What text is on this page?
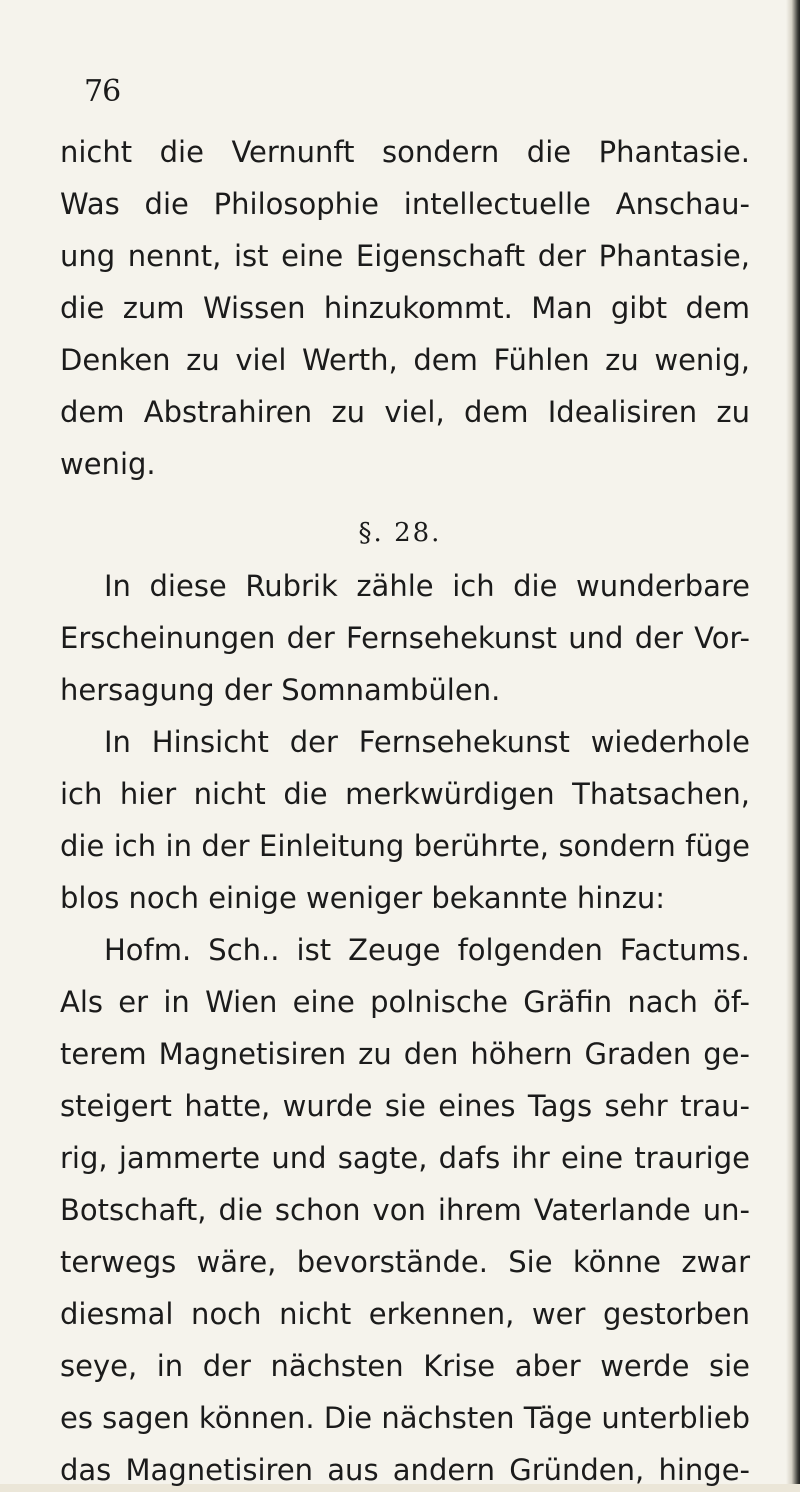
76
nicht die Vernunft sondern die Phantasie.
Was die Philosophie intellectuelle Anschau-
ung nennt, ist eine Eigenschaft der Phantasie,
die zum Wissen hinzukommt. Man gibt dem
Denken zu viel Werth, dem Fühlen zu wenig,
dem Abstrahiren zu viel, dem Idealisiren zu
wenig.
§. 28.
In diese Rubrik zähle ich die wunderbare
Erscheinungen der Fernsehekunst und der Vor-
hersagung der Somnambülen.
In Hinsicht der Fernsehekunst wiederhole
ich hier nicht die merkwürdigen Thatsachen,
die ich in der Einleitung berührte, sondern füge
blos noch einige weniger bekannte hinzu:
Hofm. Sch.. ist Zeuge folgenden Factums.
Als er in Wien eine polnische Gräfin nach öf-
terem Magnetisiren zu den höhern Graden ge-
steigert hatte, wurde sie eines Tags sehr trau-
rig, jammerte und sagte, dafs ihr eine traurige
Botschaft, die schon von ihrem Vaterlande un-
terwegs wäre, bevorstände. Sie könne zwar
diesmal noch nicht erkennen, wer gestorben
seye, in der nächsten Krise aber werde sie
es sagen können. Die nächsten Täge unterblieb
das Magnetisiren aus andern Gründen, hinge-
